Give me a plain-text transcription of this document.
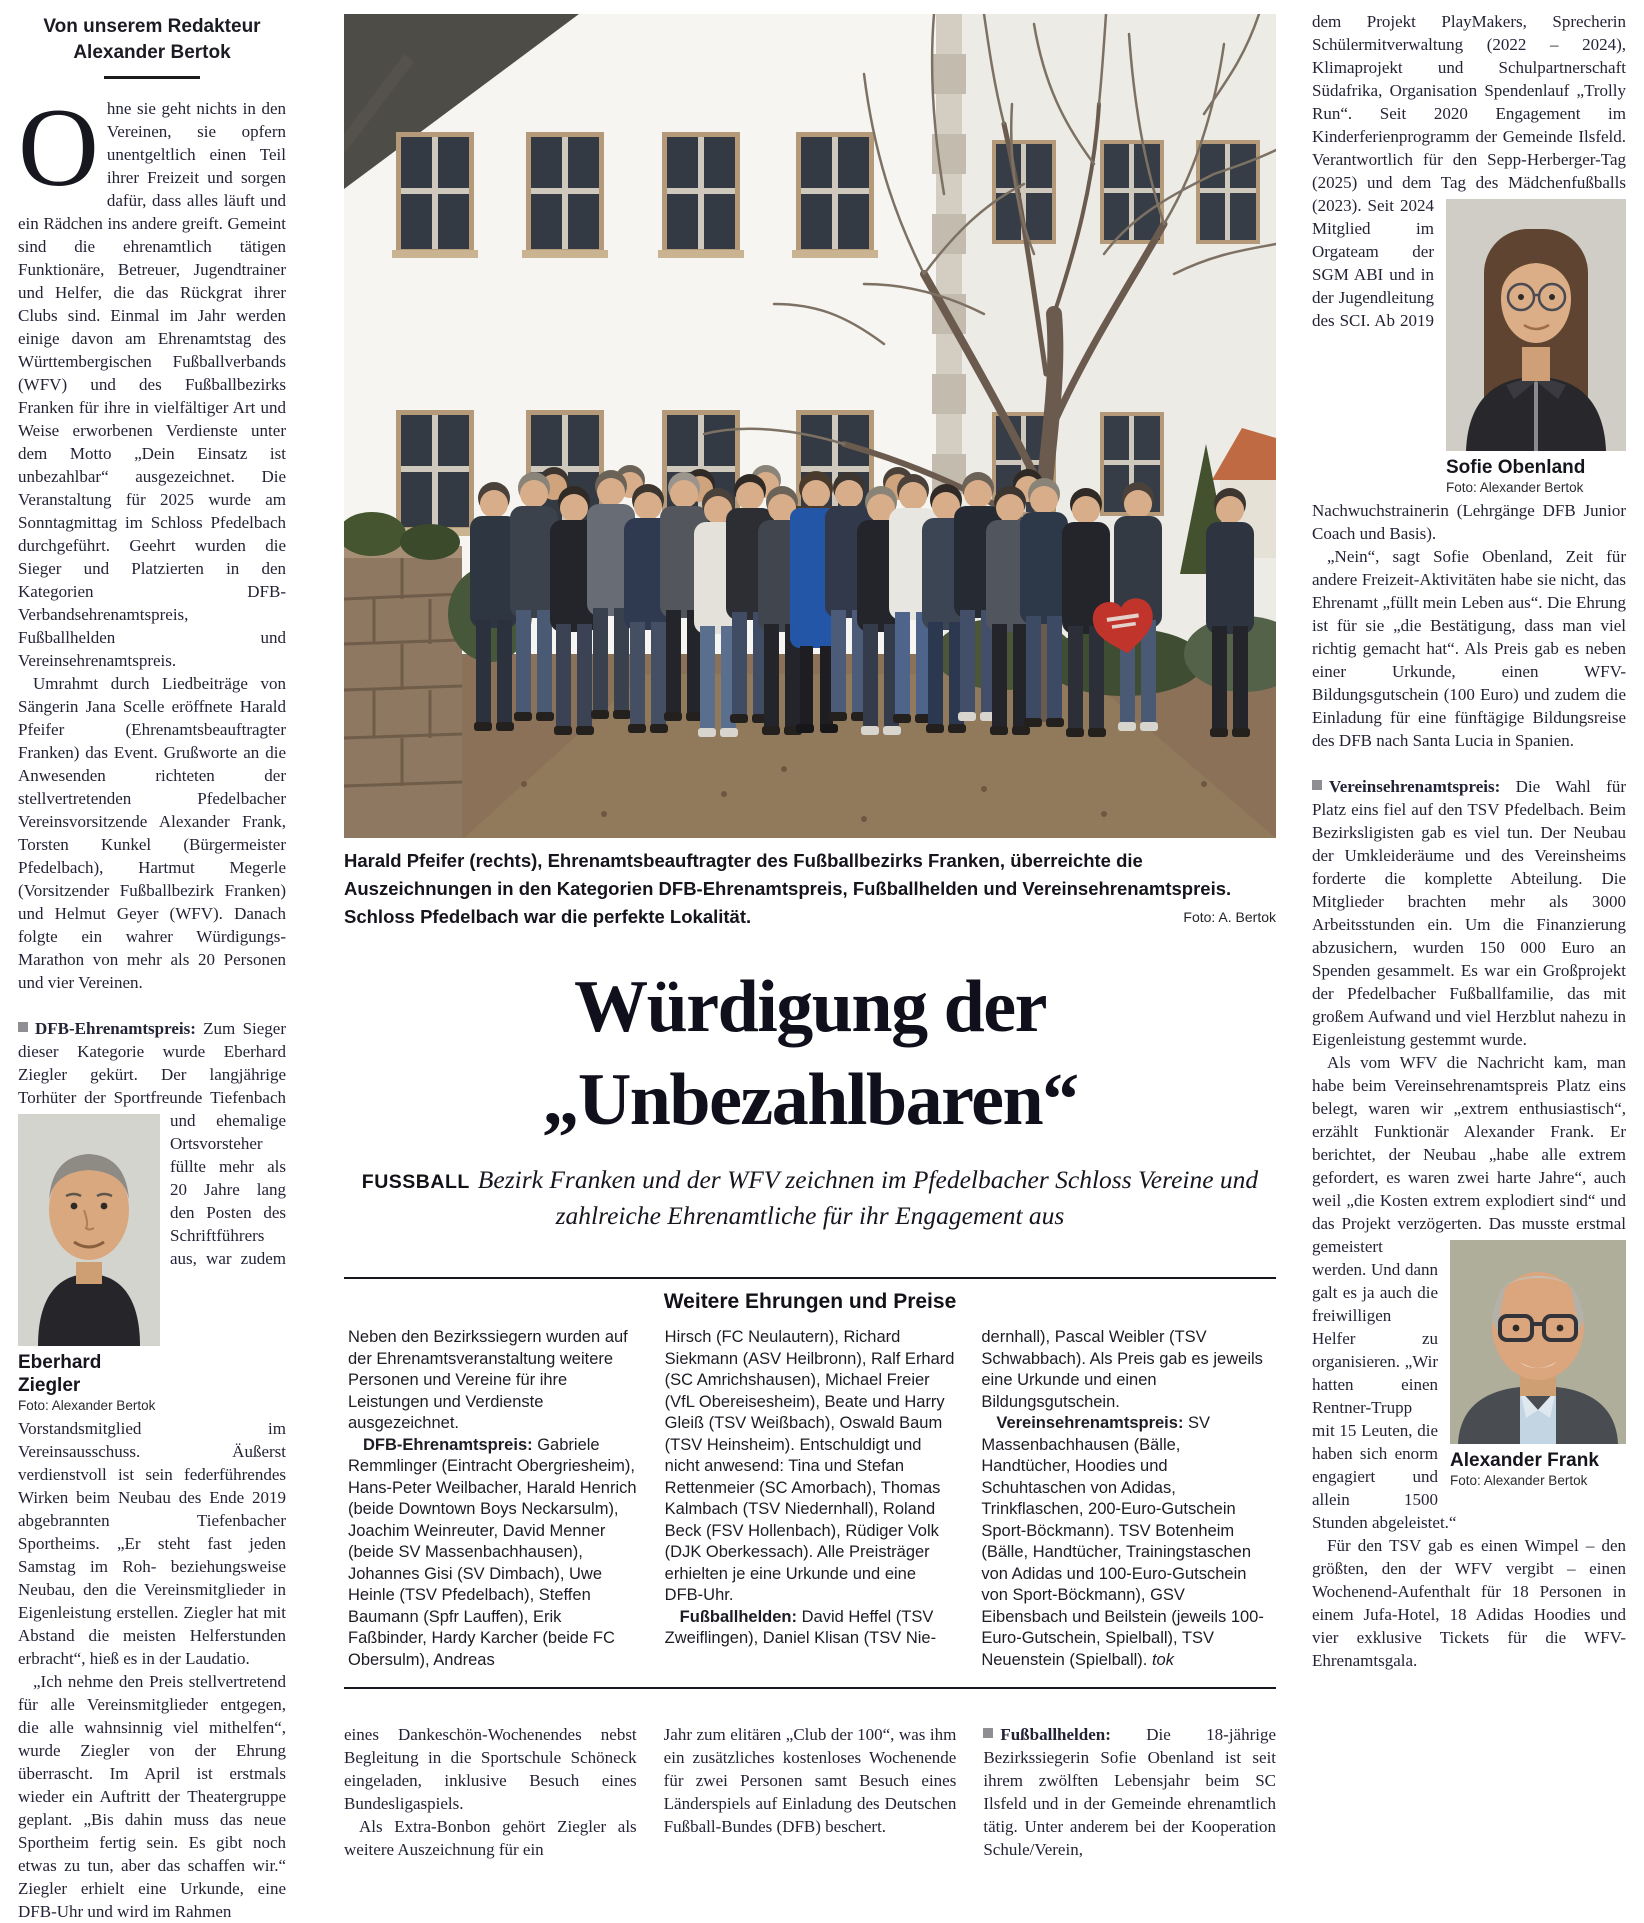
Von unserem Redakteur
Alexander Bertok

Ohne sie geht nichts in den Vereinen, sie opfern unentgeltlich einen Teil ihrer Freizeit und sorgen dafür, dass alles läuft und ein Rädchen ins andere greift. Gemeint sind die ehrenamtlich tätigen Funktionäre, Betreuer, Jugendtrainer und Helfer, die das Rückgrat ihrer Clubs sind. Einmal im Jahr werden einige davon am Ehrenamtstag des Württembergischen Fußballverbands (WFV) und des Fußballbezirks Franken für ihre in vielfältiger Art und Weise erworbenen Verdienste unter dem Motto „Dein Einsatz ist unbezahlbar“ ausgezeichnet. Die Veranstaltung für 2025 wurde am Sonntagmittag im Schloss Pfedelbach durchgeführt. Geehrt wurden die Sieger und Platzierten in den Kategorien DFB-Verbandsehrenamtspreis, Fußballhelden und Vereinsehrenamtspreis.

Umrahmt durch Liedbeiträge von Sängerin Jana Scelle eröffnete Harald Pfeifer (Ehrenamtsbeauftragter Franken) das Event. Grußworte an die Anwesenden richteten der stellvertretenden Pfedelbacher Vereinsvorsitzende Alexander Frank, Torsten Kunkel (Bürgermeister Pfedelbach), Hartmut Megerle (Vorsitzender Fußballbezirk Franken) und Helmut Geyer (WFV). Danach folgte ein wahrer Würdigungs-Marathon von mehr als 20 Personen und vier Vereinen.

DFB-Ehrenamtspreis: Zum Sieger dieser Kategorie wurde Eberhard Ziegler gekürt. Der langjährige Torhüter der Sportfreunde
Eberhard Ziegler
Foto: Alexander Bertok
Tiefenbach und ehemalige Ortsvorsteher füllte mehr als 20 Jahre lang den Posten des Schriftführers aus, war zudem Vorstandsmitglied im Vereinsausschuss. Äußerst verdienstvoll ist sein federführendes Wirken beim Neubau des Ende 2019 abgebrannten Tiefenbacher Sportheims. „Er steht fast jeden Samstag im Roh- beziehungsweise Neubau, den die Vereinsmitglieder in Eigenleistung erstellen. Ziegler hat mit Abstand die meisten Helferstunden erbracht“, hieß es in der Laudatio.

„Ich nehme den Preis stellvertretend für alle Vereinsmitglieder entgegen, die alle wahnsinnig viel mithelfen“, wurde Ziegler von der Ehrung überrascht. Im April ist erstmals wieder ein Auftritt der Theatergruppe geplant. „Bis dahin muss das neue Sportheim fertig sein. Es gibt noch etwas zu tun, aber das schaffen wir.“ Ziegler erhielt eine Urkunde, eine DFB-Uhr und wird im Rahmen

Harald Pfeifer (rechts), Ehrenamtsbeauftragter des Fußballbezirks Franken, überreichte die Auszeichnungen in den Kategorien DFB-Ehrenamtspreis, Fußballhelden und Vereinsehrenamtspreis. Schloss Pfedelbach war die perfekte Lokalität.	Foto: A. Bertok
Würdigung der
„Unbezahlbaren“
FUSSBALL Bezirk Franken und der WFV zeichnen im Pfedelbacher Schloss Vereine und zahlreiche Ehrenamtliche für ihr Engagement aus
Weitere Ehrungen und Preise

Neben den Bezirkssiegern wurden auf der Ehrenamtsveranstaltung weitere Personen und Vereine für ihre Leistungen und Verdienste ausgezeichnet.

DFB-Ehrenamtspreis: Gabriele Remmlinger (Eintracht Obergriesheim), Hans-Peter Weilbacher, Harald Henrich (beide Downtown Boys Neckarsulm), Joachim Weinreuter, David Menner (beide SV Massenbachhausen), Johannes Gisi (SV Dimbach), Uwe Heinle (TSV Pfedelbach), Steffen Baumann (Spfr Lauffen), Erik Faßbinder, Hardy Karcher (beide FC Obersulm), Andreas

Hirsch (FC Neulautern), Richard Siekmann (ASV Heilbronn), Ralf Erhard (SC Amrichshausen), Michael Freier (VfL Obereisesheim), Beate und Harry Gleiß (TSV Weißbach), Oswald Baum (TSV Heinsheim). Entschuldigt und nicht anwesend: Tina und Stefan Rettenmeier (SC Amorbach), Thomas Kalmbach (TSV Niedernhall), Roland Beck (FSV Hollenbach), Rüdiger Volk (DJK Oberkessach). Alle Preisträger erhielten je eine Urkunde und eine DFB-Uhr.

Fußballhelden: David Heffel (TSV Zweiflingen), Daniel Klisan (TSV Nie-

dernhall), Pascal Weibler (TSV Schwabbach). Als Preis gab es jeweils eine Urkunde und einen Bildungsgutschein.

Vereinsehrenamtspreis: SV Massenbachhausen (Bälle, Handtücher, Hoodies und Schuhtaschen von Adidas, Trinkflaschen, 200-Euro-Gutschein Sport-Böckmann). TSV Botenheim (Bälle, Handtücher, Trainingstaschen von Adidas und 100-Euro-Gutschein von Sport-Böckmann), GSV Eibensbach und Beilstein (jeweils 100-Euro-Gutschein, Spielball), TSV Neuenstein (Spielball). tok

eines Dankeschön-Wochenendes nebst Begleitung in die Sportschule Schöneck eingeladen, inklusive Besuch eines Bundesligaspiels.

Als Extra-Bonbon gehört Ziegler als weitere Auszeichnung für ein

Jahr zum elitären „Club der 100“, was ihm ein zusätzliches kostenloses Wochenende für zwei Personen samt Besuch eines Länderspiels auf Einladung des Deutschen Fußball-Bundes (DFB) beschert.

Fußballhelden: Die 18-jährige Bezirkssiegerin Sofie Obenland ist seit ihrem zwölften Lebensjahr beim SC Ilsfeld und in der Gemeinde ehrenamtlich tätig. Unter anderem bei der Kooperation Schule/Verein,

dem Projekt PlayMakers, Sprecherin Schülermitverwaltung (2022 – 2024), Klimaprojekt und Schulpartnerschaft Südafrika, Organisation Spendenlauf „Trolly Run“. Seit 2020 Engagement im Kinderferienprogramm der Gemeinde Ilsfeld. Verantwortlich für den Sepp-Herberger-Tag (2025) und dem Tag des Mädchenfußballs (2023). Seit 2024
Sofie Obenland
Foto: Alexander Bertok
Mitglied im Orgateam der SGM ABI und in der Jugendleitung des SCI. Ab 2019 Nachwuchstrainerin (Lehrgänge DFB Junior Coach und Basis).

„Nein“, sagt Sofie Obenland, Zeit für andere Freizeit-Aktivitäten habe sie nicht, das Ehrenamt „füllt mein Leben aus“. Die Ehrung ist für sie „die Bestätigung, dass man viel richtig gemacht hat“. Als Preis gab es neben einer Urkunde, einen WFV-Bildungsgutschein (100 Euro) und zudem die Einladung für eine fünftägige Bildungsreise des DFB nach Santa Lucia in Spanien.

Vereinsehrenamtspreis: Die Wahl für Platz eins fiel auf den TSV Pfedelbach. Beim Bezirksligisten gab es viel tun. Der Neubau der Umkleideräume und des Vereinsheims forderte die komplette Abteilung. Die Mitglieder brachten mehr als 3000 Arbeitsstunden ein. Um die Finanzierung abzusichern, wurden 150 000 Euro an Spenden gesammelt. Es war ein Großprojekt der Pfedelbacher Fußballfamilie, das mit großem Aufwand und viel Herzblut nahezu in Eigenleistung gestemmt wurde.

Als vom WFV die Nachricht kam, man habe beim Vereinsehrenamtspreis Platz eins belegt, waren wir „extrem enthusiastisch“, erzählt Funktionär Alexander Frank. Er berichtet, der Neubau „habe alle extrem gefordert, es waren zwei harte Jahre“, auch weil „die Kosten extrem explodiert sind“ und das Projekt verzögerten.
Alexander Frank
Foto: Alexander Bertok
Das musste erstmal gemeistert werden. Und dann galt es ja auch die freiwilligen Helfer zu organisieren. „Wir hatten einen Rentner-Trupp mit 15 Leuten, die haben sich enorm engagiert und allein 1500 Stunden abgeleistet.“

Für den TSV gab es einen Wimpel – den größten, den der WFV vergibt – einen Wochenend-Aufenthalt für 18 Personen in einem Jufa-Hotel, 18 Adidas Hoodies und vier exklusive Tickets für die WFV-Ehrenamtsgala.
